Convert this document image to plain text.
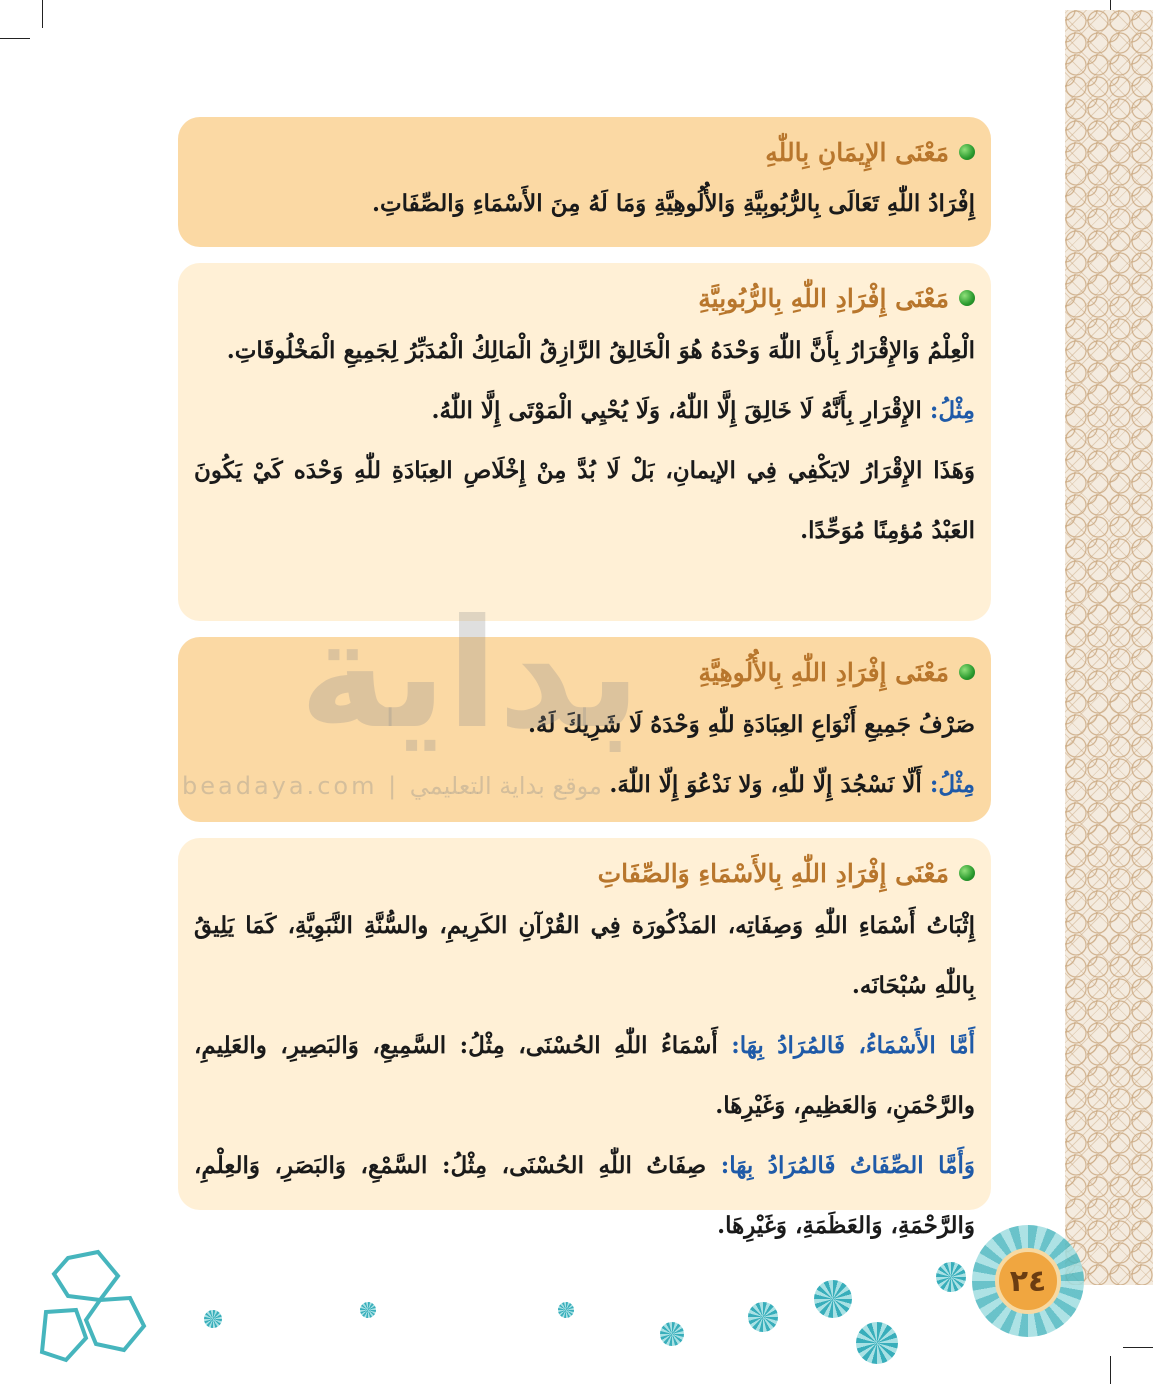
مَعْنَى الإِيمَانِ بِاللّٰهِ
إِفْرَادُ اللّٰهِ تَعَالَى بِالرُّبُوبِيَّةِ وَالأُلُوهِيَّةِ وَمَا لَهُ مِنَ الأَسْمَاءِ وَالصِّفَاتِ.
مَعْنَى إِفْرَادِ اللّٰهِ بِالرُّبُوبِيَّةِ
الْعِلْمُ وَالإِقْرَارُ بِأَنَّ اللّٰهَ وَحْدَهُ هُوَ الْخَالِقُ الرَّازِقُ الْمَالِكُ الْمُدَبِّرُ لِجَمِيعِ الْمَخْلُوقَاتِ.
مِثْلُ: الإِقْرَارِ بِأَنَّهُ لَا خَالِقَ إِلَّا اللّٰهُ، وَلَا يُحْيِي الْمَوْتَى إِلَّا اللّٰهُ.
وَهَذَا الإِقْرَارُ لايَكْفِي فِي الإيمانِ، بَلْ لَا بُدَّ مِنْ إِخْلَاصِ العِبَادَةِ للّٰهِ وَحْدَه كَيْ يَكُونَ العَبْدُ مُؤمِنًا مُوَحِّدًا.
مَعْنَى إِفْرَادِ اللّٰهِ بِالأُلُوهِيَّةِ
صَرْفُ جَمِيعِ أَنْوَاعِ العِبَادَةِ للّٰهِ وَحْدَهُ لَا شَرِيكَ لَهُ.
مِثْلُ: أَلّا نَسْجُدَ إِلّا للّٰهِ، وَلا نَدْعُوَ إِلّا اللّٰهَ.
مَعْنَى إِفْرَادِ اللّٰهِ بِالأَسْمَاءِ وَالصِّفَاتِ
إِثْبَاتُ أَسْمَاءِ اللّٰهِ وَصِفَاتِه، المَذْكُورَة فِي القُرْآنِ الكَرِيمِ، والسُّنَّةِ النَّبَوِيَّةِ، كَمَا يَلِيقُ بِاللّٰهِ سُبْحَانَه.
أَمَّا الأَسْمَاءُ، فَالمُرَادُ بِهَا: أَسْمَاءُ اللّٰهِ الحُسْنَى، مِثْلُ: السَّمِيعِ، وَالبَصِيرِ، والعَلِيمِ، والرَّحْمَنِ، وَالعَظِيمِ، وَغَيْرِهَا.
وَأَمَّا الصِّفَاتُ فَالمُرَادُ بِهَا: صِفَاتُ اللّٰهِ الحُسْنَى، مِثْلُ: السَّمْعِ، وَالبَصَرِ، وَالعِلْمِ، وَالرَّحْمَةِ، وَالعَظَمَةِ، وَغَيْرِهَا.
بداية
beadaya.com | موقع بداية التعليمي
٢٤
